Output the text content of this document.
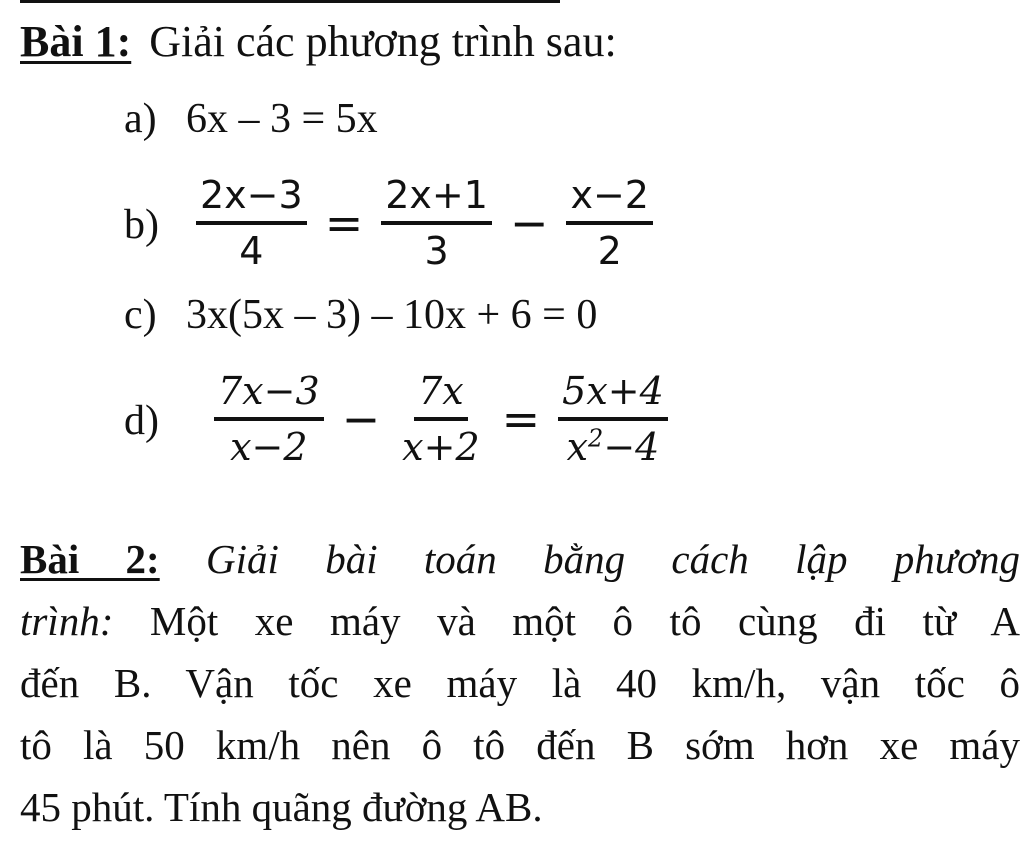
Bài 1: Giải các phương trình sau:
a) 6x – 3 = 5x
$b) \frac{2x-3}{4} = \frac{2x+1}{3} - \frac{x-2}{2}$
c) 3x(5x – 3) – 10x + 6 = 0
$d) \frac{7x-3}{x-2} - \frac{7x}{x+2} = \frac{5x+4}{x^2-4}$
Bài 2: Giải bài toán bằng cách lập phương
trình: Một xe máy và một ô tô cùng đi từ A
đến B. Vận tốc xe máy là 40 km/h, vận tốc ô
tô là 50 km/h nên ô tô đến B sớm hơn xe máy
45 phút. Tính quãng đường AB.
